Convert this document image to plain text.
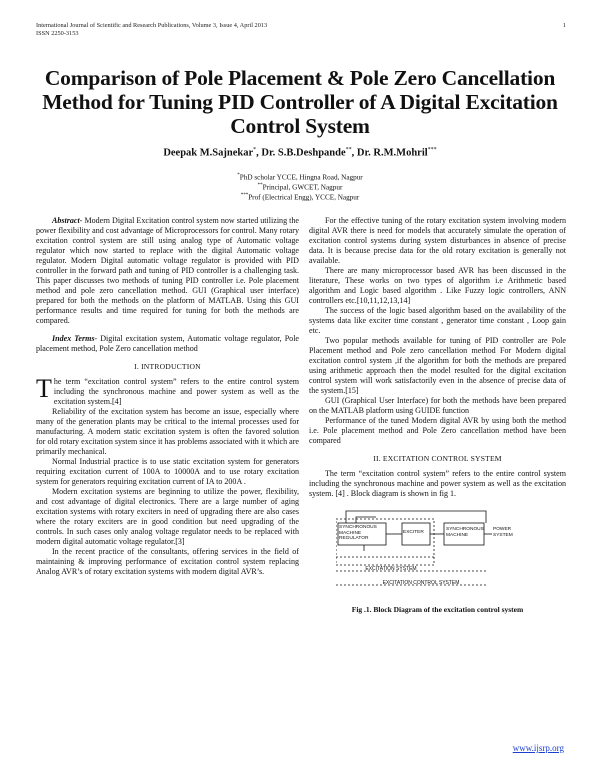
International Journal of Scientific and Research Publications, Volume 3, Issue 4, April 2013
ISSN 2250-3153
1
Comparison of Pole Placement & Pole Zero Cancellation Method for Tuning PID Controller of A Digital Excitation Control System
Deepak M.Sajnekar*, Dr. S.B.Deshpande**, Dr. R.M.Mohril***
*PhD scholar YCCE, Hingna Road, Nagpur
**Principal, GWCET, Nagpur
***Prof (Electrical Engg), YCCE, Nagpur

Abstract- Modern Digital Excitation control system now started utilizing the power flexibility and cost advantage of Microprocessors for control. Many rotary excitation control system are still using analog type of Automatic voltage regulator which now started to replace with the digital Automatic voltage regulator. Modern Digital automatic voltage regulator is provided with PID controller in the forward path and tuning of PID controller is a challenging task. This paper discusses two methods of tuning PID controller i.e. Pole placement method and pole zero cancellation method. GUI (Graphical user interface) prepared for both the methods on the platform of MATLAB. Using this GUI performance results and time required for tuning for both the methods are compared.

Index Terms- Digital excitation system, Automatic voltage regulator, Pole placement method, Pole Zero cancellation method

I. INTRODUCTION

The term “excitation control system” refers to the entire control system including the synchronous machine and power system as well as the excitation system.[4]

Reliability of the excitation system has become an issue, especially where many of the generation plants may be critical to the internal processes used for manufacturing. A modern static excitation system is often the favored solution for old rotary excitation system since it has problems associated with it which are primarily mechanical.

Normal Industrial practice is to use static excitation system for generators requiring excitation current of 100A to 10000A and to use rotary excitation system for generators requiring excitation current of IA to 200A .

Modern excitation systems are beginning to utilize the power, flexibility, and cost advantage of digital electronics. There are a large number of aging excitation systems with rotary exciters in need of upgrading there are also cases where the rotary exciters are in good condition but need upgrading of the controls. In such cases only analog voltage regulator needs to be replaced with modern digital automatic voltage regulator.[3]

In the recent practice of the consultants, offering services in the field of maintaining & improving performance of excitation control system replacing Analog AVR’s of rotary excitation systems with modern digital AVR’s.

For the effective tuning of the rotary excitation system involving modern digital AVR there is need for models that accurately simulate the operation of excitation control systems during system disturbances in absence of precise data. It is because precise data for the old rotary excitation is generally not available.

There are many microprocessor based AVR has been discussed in the literature, These works on two types of algorithm i.e Arithmetic based algorithm and Logic based algorithm . Like Fuzzy logic controllers, ANN controllers etc.[10,11,12,13,14]

The success of the logic based algorithm based on the availability of the systems data like exciter time constant , generator time constant , Loop gain etc.

Two popular methods available for tuning of PID controller are Pole Placement method and Pole zero cancellation method For Modern digital excitation control system ,if the algorithm for both the methods are prepared using arithmetic approach then the model resulted for the digital excitation control system will work satisfactorily even in the absence of precise data of the system.[15]

GUI (Graphical User Interface) for both the methods have been prepared on the MATLAB platform using GUIDE function

Performance of the tuned Modern digital AVR by using both the method i.e. Pole placement method and Pole Zero cancellation method have been compared

II. EXCITATION CONTROL SYSTEM

The term “excitation control system” refers to the entire control system including the synchronous machine and power system as well as the excitation system. [4] . Block diagram is shown in fig 1.

SYNCHRONOUS MACHINE REGULATOR
EXCITER
SYNCHRONOUS MACHINE
POWER SYSTEM
EXCITATION SYSTEM
EXCITATION CONTROL SYSTEM

Fig .1. Block Diagram of the excitation control system

www.ijsrp.org
